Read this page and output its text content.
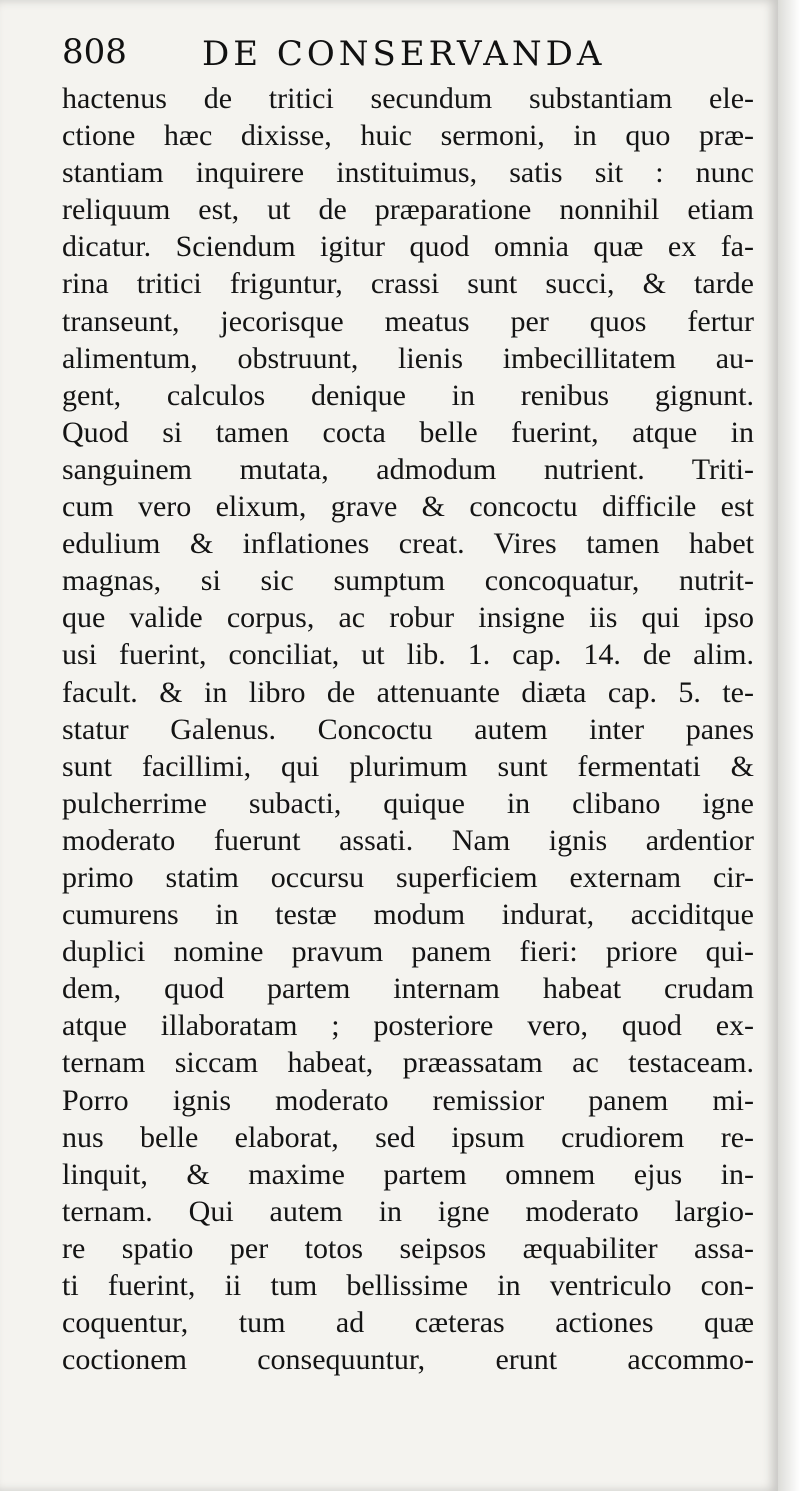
808 DE CONSERVANDA
hactenus de tritici secundum substantiam ele-
ctione hæc dixisse, huic sermoni, in quo præ-
stantiam inquirere instituimus, satis sit : nunc
reliquum est, ut de præparatione nonnihil etiam
dicatur. Sciendum igitur quod omnia quæ ex fa-
rina tritici friguntur, crassi sunt succi, & tarde
transeunt, jecorisque meatus per quos fertur
alimentum, obstruunt, lienis imbecillitatem au-
gent, calculos denique in renibus gignunt.
Quod si tamen cocta belle fuerint, atque in
sanguinem mutata, admodum nutrient. Triti-
cum vero elixum, grave & concoctu difficile est
edulium & inflationes creat. Vires tamen habet
magnas, si sic sumptum concoquatur, nutrit-
que valide corpus, ac robur insigne iis qui ipso
usi fuerint, conciliat, ut lib. 1. cap. 14. de alim.
facult. & in libro de attenuante diæta cap. 5. te-
statur Galenus. Concoctu autem inter panes
sunt facillimi, qui plurimum sunt fermentati &
pulcherrime subacti, quique in clibano igne
moderato fuerunt assati. Nam ignis ardentior
primo statim occursu superficiem externam cir-
cumurens in testæ modum indurat, acciditque
duplici nomine pravum panem fieri: priore qui-
dem, quod partem internam habeat crudam
atque illaboratam ; posteriore vero, quod ex-
ternam siccam habeat, præassatam ac testaceam.
Porro ignis moderato remissior panem mi-
nus belle elaborat, sed ipsum crudiorem re-
linquit, & maxime partem omnem ejus in-
ternam. Qui autem in igne moderato largio-
re spatio per totos seipsos æquabiliter assa-
ti fuerint, ii tum bellissime in ventriculo con-
coquentur, tum ad cæteras actiones quæ
coctionem consequuntur, erunt accommo-
